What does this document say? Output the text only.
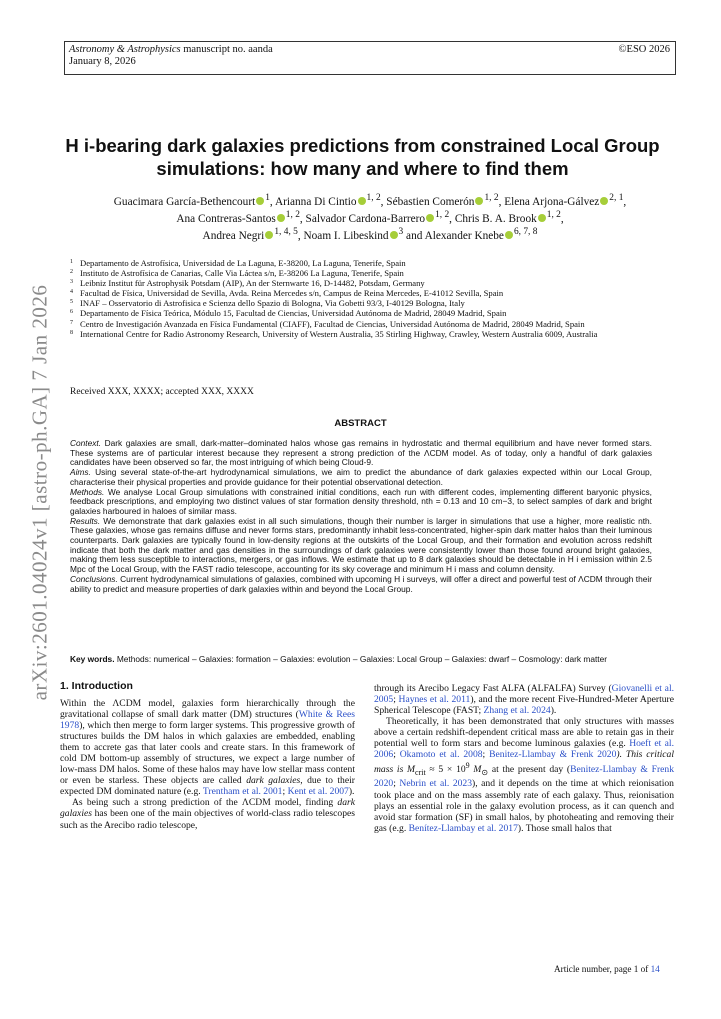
Astronomy & Astrophysics manuscript no. aanda
January 8, 2026
©ESO 2026
arXiv:2601.04024v1 [astro-ph.GA] 7 Jan 2026
H i-bearing dark galaxies predictions from constrained Local Group
simulations: how many and where to find them
Guacimara García-Bethencourt $^1$, Arianna Di Cintio $^{1, 2}$, Sébastien Comerón $^{1, 2}$, Elena Arjona-Gálvez $^{2, 1}$,
Ana Contreras-Santos $^{1, 2}$, Salvador Cardona-Barrero $^{1, 2}$, Chris B. A. Brook $^{1, 2}$,
Andrea Negri $^{1, 4, 5}$, Noam I. Libeskind $^3$ and Alexander Knebe $^{6, 7, 8}$
1 Departamento de Astrofísica, Universidad de La Laguna, E-38200, La Laguna, Tenerife, Spain
2 Instituto de Astrofísica de Canarias, Calle Via Láctea s/n, E-38206 La Laguna, Tenerife, Spain
3 Leibniz Institut für Astrophysik Potsdam (AIP), An der Sternwarte 16, D-14482, Potsdam, Germany
4 Facultad de Física, Universidad de Sevilla, Avda. Reina Mercedes s/n, Campus de Reina Mercedes, E-41012 Sevilla, Spain
5 INAF – Osservatorio di Astrofisica e Scienza dello Spazio di Bologna, Via Gobetti 93/3, I-40129 Bologna, Italy
6 Departamento de Física Teórica, Módulo 15, Facultad de Ciencias, Universidad Autónoma de Madrid, 28049 Madrid, Spain
7 Centro de Investigación Avanzada en Física Fundamental (CIAFF), Facultad de Ciencias, Universidad Autónoma de Madrid, 28049 Madrid, Spain
8 International Centre for Radio Astronomy Research, University of Western Australia, 35 Stirling Highway, Crawley, Western Australia 6009, Australia
Received XXX, XXXX; accepted XXX, XXXX
ABSTRACT

Context. Dark galaxies are small, dark-matter–dominated halos whose gas remains in hydrostatic and thermal equilibrium and have never formed stars. These systems are of particular interest because they represent a strong prediction of the ΛCDM model. As of today, only a handful of dark galaxies candidates have been observed so far, the most intriguing of which being Cloud-9.

Aims. Using several state-of-the-art hydrodynamical simulations, we aim to predict the abundance of dark galaxies expected within our Local Group, characterise their physical properties and provide guidance for their potential observational detection.

Methods. We analyse Local Group simulations with constrained initial conditions, each run with different codes, implementing different baryonic physics, feedback prescriptions, and employing two distinct values of star formation density threshold, nth = 0.13 and 10 cm−3, to select samples of dark and bright galaxies harboured in haloes of similar mass.

Results. We demonstrate that dark galaxies exist in all such simulations, though their number is larger in simulations that use a higher, more realistic nth. These galaxies, whose gas remains diffuse and never forms stars, predominantly inhabit less-concentrated, higher-spin dark matter halos than their luminous counterparts. Dark galaxies are typically found in low-density regions at the outskirts of the Local Group, and their formation and evolution across redshift indicate that both the dark matter and gas densities in the surroundings of dark galaxies were consistently lower than those found around bright galaxies, making them less susceptible to interactions, mergers, or gas inflows. We estimate that up to 8 dark galaxies should be detectable in H i emission within 2.5 Mpc of the Local Group, with the FAST radio telescope, accounting for its sky coverage and minimum H i mass and column density.

Conclusions. Current hydrodynamical simulations of galaxies, combined with upcoming H i surveys, will offer a direct and powerful test of ΛCDM through their ability to predict and measure properties of dark galaxies within and beyond the Local Group.

Key words. Methods: numerical – Galaxies: formation – Galaxies: evolution – Galaxies: Local Group – Galaxies: dwarf – Cosmology: dark matter
1. Introduction

Within the ΛCDM model, galaxies form hierarchically through the gravitational collapse of small dark matter (DM) structures (White & Rees 1978), which then merge to form larger systems. This progressive growth of structures builds the DM halos in which galaxies are embedded, enabling them to accrete gas that later cools and create stars. In this framework of cold DM bottom-up assembly of structures, we expect a large number of low-mass DM halos. Some of these halos may have low stellar mass content or even be starless. These objects are called dark galaxies, due to their expected DM dominated nature (e.g. Trentham et al. 2001; Kent et al. 2007).

As being such a strong prediction of the ΛCDM model, finding dark galaxies has been one of the main objectives of world-class radio telescopes such as the Arecibo radio telescope,

through its Arecibo Legacy Fast ALFA (ALFALFA) Survey (Giovanelli et al. 2005; Haynes et al. 2011), and the more recent Five-Hundred-Meter Aperture Spherical Telescope (FAST; Zhang et al. 2024).

Theoretically, it has been demonstrated that only structures with masses above a certain redshift-dependent critical mass are able to retain gas in their potential well to form stars and become luminous galaxies (e.g. Hoeft et al. 2006; Okamoto et al. 2008; Benitez-Llambay & Frenk 2020). This critical mass is $M_{crit} \approx 5 \times 10^9$ $M_⊙$ at the present day (Benitez-Llambay & Frenk 2020; Nebrin et al. 2023), and it depends on the time at which reionisation took place and on the mass assembly rate of each galaxy. Thus, reionisation plays an essential role in the galaxy evolution process, as it can quench and avoid star formation (SF) in small halos, by photoheating and removing their gas (e.g. Benítez-Llambay et al. 2017). Those small halos that

Article number, page 1 of 14
